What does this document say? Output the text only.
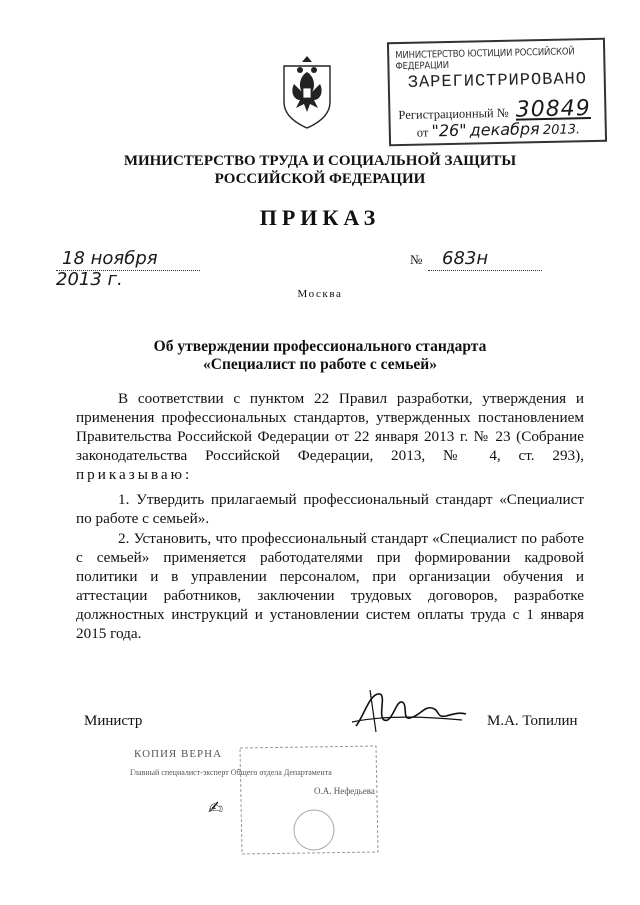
МИНИСТЕРСТВО ЮСТИЦИИ РОССИЙСКОЙ ФЕДЕРАЦИИ
ЗАРЕГИСТРИРОВАНО
Регистрационный № 30849
от "26" декабря 2013.
МИНИСТЕРСТВО ТРУДА И СОЦИАЛЬНОЙ ЗАЩИТЫ
РОССИЙСКОЙ ФЕДЕРАЦИИ
ПРИКАЗ
18 ноября 2013 г.
№	683н
Москва
Об утверждении профессионального стандарта
«Специалист по работе с семьей»
В соответствии с пунктом 22 Правил разработки, утверждения и применения профессиональных стандартов, утвержденных постановлением Правительства Российской Федерации от 22 января 2013 г. № 23 (Собрание законодательства Российской Федерации, 2013, № 4, ст. 293), приказываю:
1. Утвердить прилагаемый профессиональный стандарт «Специалист по работе с семьей».
2. Установить, что профессиональный стандарт «Специалист по работе с семьей» применяется работодателями при формировании кадровой политики и в управлении персоналом, при организации обучения и аттестации работников, заключении трудовых договоров, разработке должностных инструкций и установлении систем оплаты труда с 1 января 2015 года.
Министр	М.А. Топилин
КОПИЯ ВЕРНА
Главный специалист-эксперт Общего отдела Департамента
О.А. Нефедьева
✍
